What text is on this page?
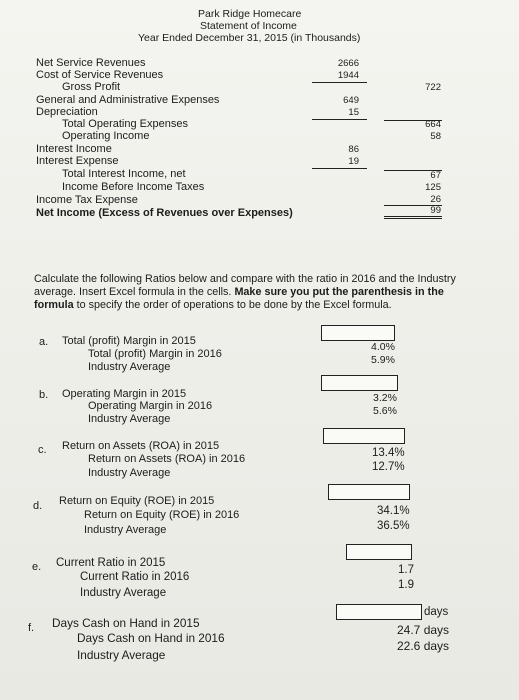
Park Ridge Homecare
Statement of Income
Year Ended December 31, 2015 (in Thousands)
Net Service Revenues
Cost of Service Revenues
Gross Profit
General and Administrative Expenses
Depreciation
Total Operating Expenses
Operating Income
Interest Income
Interest Expense
Total Interest Income, net
Income Before Income Taxes
Income Tax Expense
Net Income (Excess of Revenues over Expenses)
2666
1944
649
15
86
19
722
664
58
67
125
26
99
Calculate the following Ratios below and compare with the ratio in 2016 and the Industry
average. Insert Excel formula in the cells. Make sure you put the parenthesis in the
formula to specify the order of operations to be done by the Excel formula.
a. Total (profit) Margin in 2015
Total (profit) Margin in 2016
Industry Average
4.0%
5.9%
b. Operating Margin in 2015
Operating Margin in 2016
Industry Average
3.2%
5.6%
c. Return on Assets (ROA) in 2015
Return on Assets (ROA) in 2016
Industry Average
13.4%
12.7%
d. Return on Equity (ROE) in 2015
Return on Equity (ROE) in 2016
Industry Average
34.1%
36.5%
e. Current Ratio in 2015
Current Ratio in 2016
Industry Average
1.7
1.9
f. Days Cash on Hand in 2015
Days Cash on Hand in 2016
Industry Average
days
24.7 days
22.6 days
